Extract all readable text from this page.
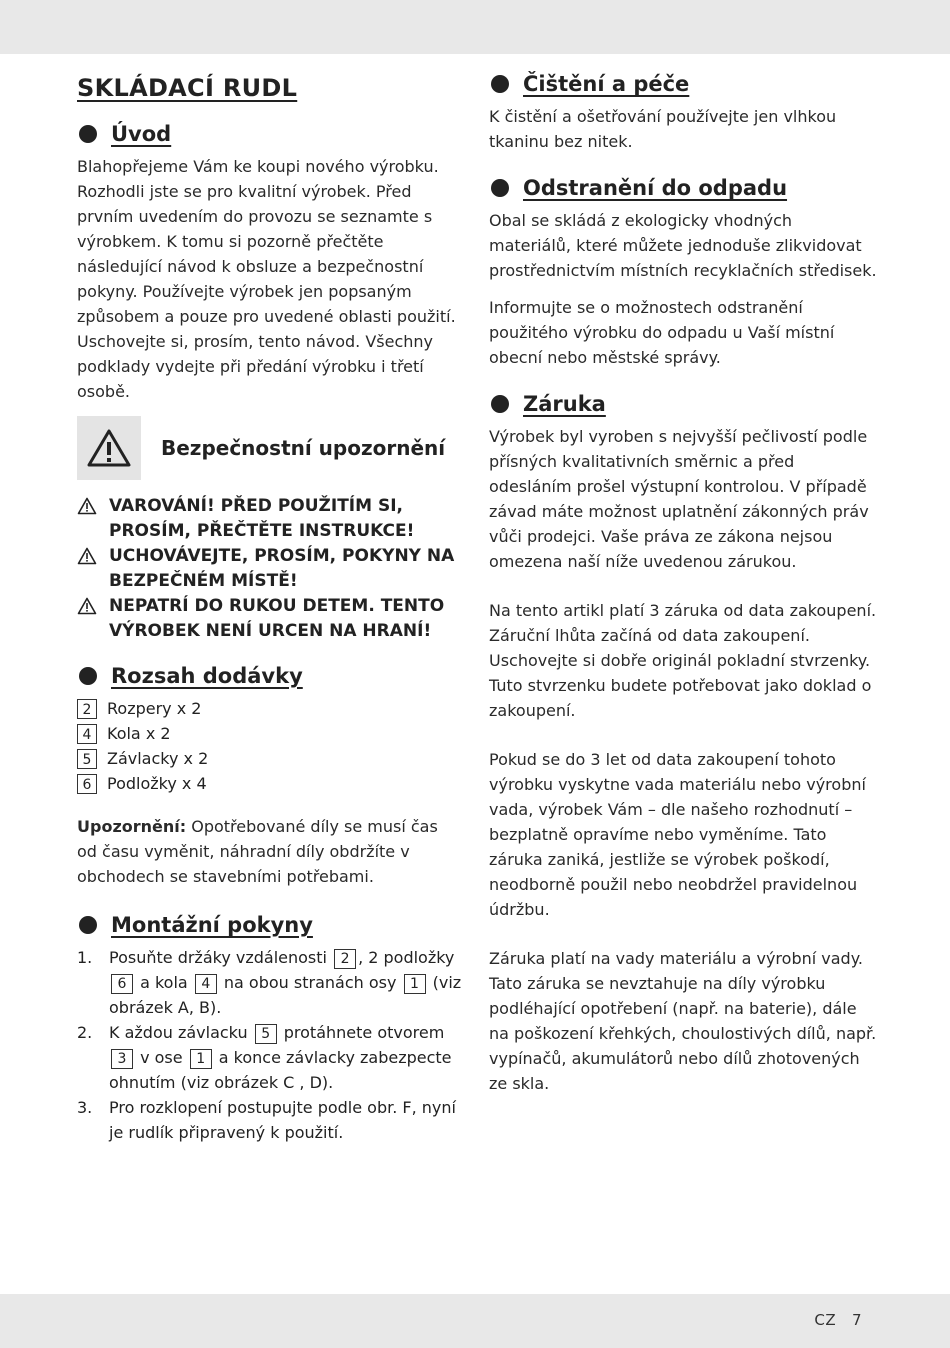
SKLÁDACÍ RUDL
Úvod

Blahopřejeme Vám ke koupi nového výrobku. Rozhodli jste se pro kvalitní výrobek. Před prvním uvedením do provozu se seznamte s výrobkem. K tomu si pozorně přečtěte následující návod k obsluze a bezpečnostní pokyny. Používejte výrobek jen popsaným způsobem a pouze pro uvedené oblasti použití. Uschovejte si, prosím, tento návod. Všechny podklady vydejte při předání výrobku i třetí osobě.

Bezpečnostní upozornění
VAROVÁNÍ! PŘED POUŽITÍM SI, PROSÍM, PŘEČTĚTE INSTRUKCE!
UCHOVÁVEJTE, PROSÍM, POKYNY NA BEZPEČNÉM MÍSTĚ!
NEPATRÍ DO RUKOU DETEM. TENTO VÝROBEK NENÍ URCEN NA HRANÍ!
Rozsah dodávky
2 Rozpery x 2
4 Kola x 2
5 Závlacky x 2
6 Podložky x 4

Upozornění: Opotřebované díly se musí čas od času vyměnit, náhradní díly obdržíte v obchodech se stavebními potřebami.

Montážní pokyny
1.	Posuňte držáky vzdálenosti 2 , 2 podložky 6 a kola 4 na obou stranách osy 1 (viz obrázek A, B).
2.	K aždou závlacku 5 protáhnete otvorem 3 v ose 1 a konce závlacky zabezpecte ohnutím (viz obrázek C , D).
3.	Pro rozklopení postupujte podle obr. F, nyní je rudlík připravený k použití.
Čištění a péče

K čistění a ošetřování používejte jen vlhkou tkaninu bez nitek.

Odstranění do odpadu

Obal se skládá z ekologicky vhodných materiálů, které můžete jednoduše zlikvidovat prostřednictvím místních recyklačních středisek.

Informujte se o možnostech odstranění použitého výrobku do odpadu u Vaší místní obecní nebo městské správy.

Záruka

Výrobek byl vyroben s nejvyšší pečlivostí podle přísných kvalitativních směrnic a před odesláním prošel výstupní kontrolou. V případě závad máte možnost uplatnění zákonných práv vůči prodejci. Vaše práva ze zákona nejsou omezena naší níže uvedenou zárukou.

Na tento artikl platí 3 záruka od data zakoupení. Záruční lhůta začíná od data zakoupení. Uschovejte si dobře originál pokladní stvrzenky. Tuto stvrzenku budete potřebovat jako doklad o zakoupení.

Pokud se do 3 let od data zakoupení tohoto výrobku vyskytne vada materiálu nebo výrobní vada, výrobek Vám – dle našeho rozhodnutí – bezplatně opravíme nebo vyměníme. Tato záruka zaniká, jestliže se výrobek poškodí, neodborně použil nebo neobdržel pravidelnou údržbu.

Záruka platí na vady materiálu a výrobní vady. Tato záruka se nevztahuje na díly výrobku podléhající opotřebení (např. na baterie), dále na poškození křehkých, choulostivých dílů, např. vypínačů, akumulátorů nebo dílů zhotovených ze skla.

CZ 7
